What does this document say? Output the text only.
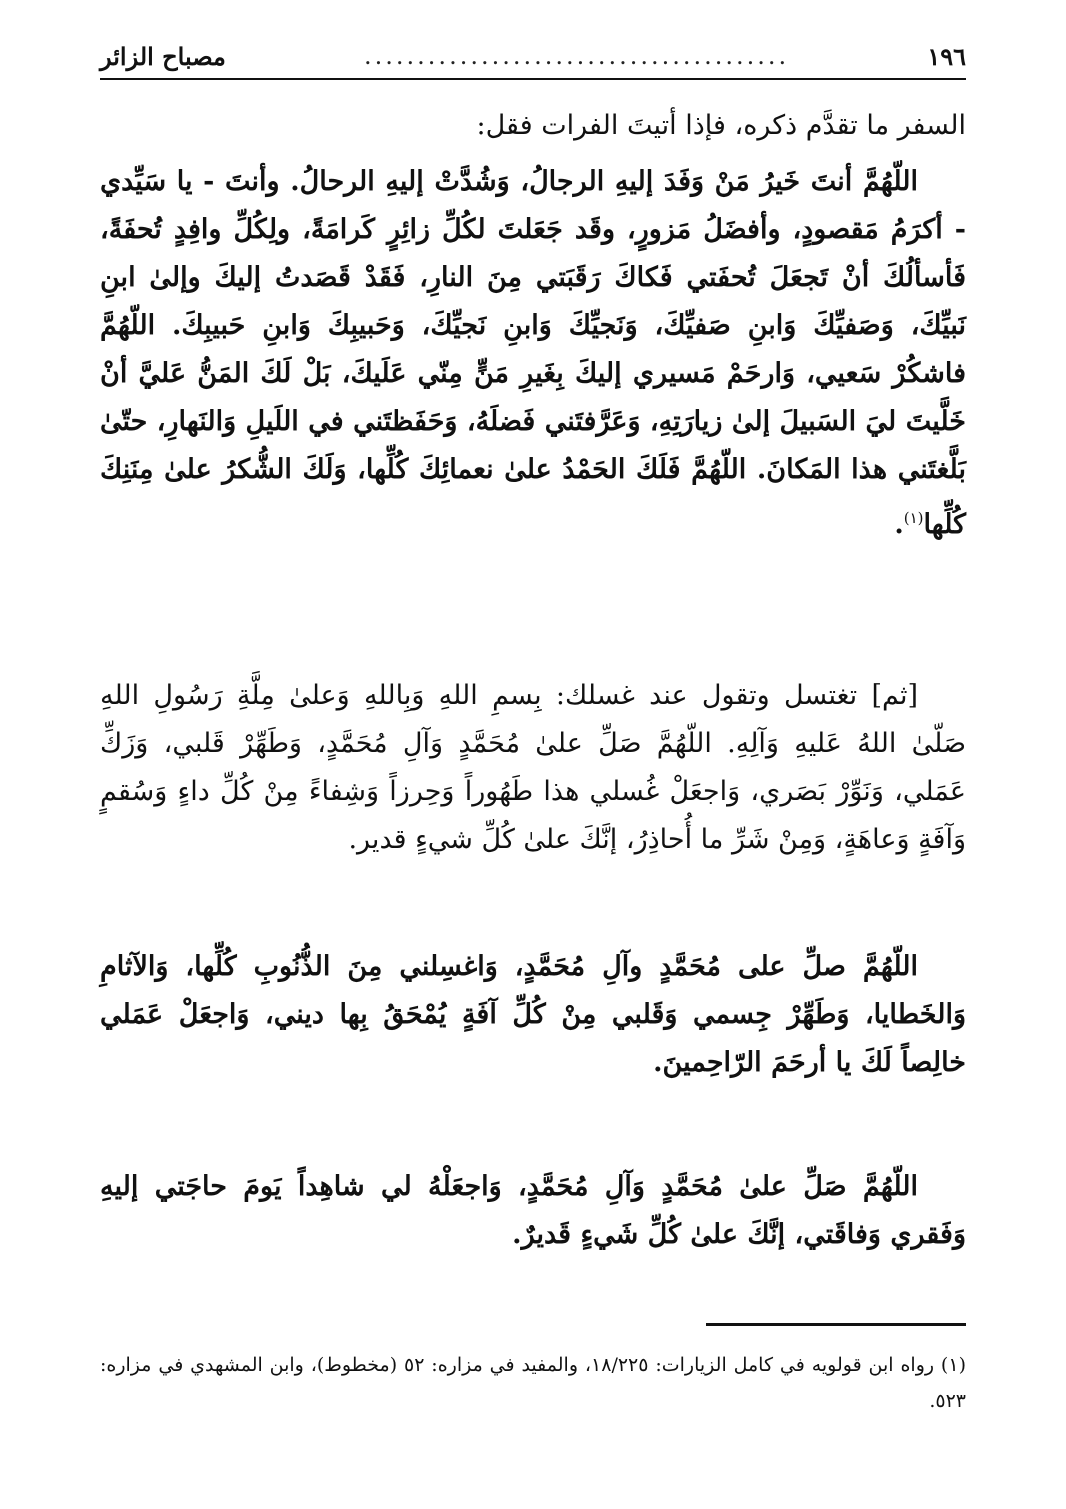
١٩٦
........................................
مصباح الزائر
السفر ما تقدَّم ذكره، فإذا أتيتَ الفرات فقل:
اللّهُمَّ أنتَ خَيرُ مَنْ وَفَدَ إليهِ الرجالُ، وَشُدَّتْ إليهِ الرحالُ. وأنتَ - يا سَيِّدي - أكرَمُ مَقصودٍ، وأفضَلُ مَزورٍ، وقَد جَعَلتَ لكُلِّ زائِرٍ كَرامَةً، ولِكُلِّ وافِدٍ تُحفَةً، فَأسألُكَ أنْ تَجعَلَ تُحفَتي فَكاكَ رَقَبَتي مِنَ النارِ، فَقَدْ قَصَدتُ إليكَ وإلىٰ ابنِ نَبيِّكَ، وَصَفيِّكَ وَابنِ صَفيِّكَ، وَنَجيِّكَ وَابنِ نَجيِّكَ، وَحَبيبِكَ وَابنِ حَبيبِكَ. اللّهُمَّ فاشكُرْ سَعيي، وَارحَمْ مَسيري إليكَ بِغَيرِ مَنٍّ مِنّي عَلَيكَ، بَلْ لَكَ المَنُّ عَليَّ أنْ خَلَّيتَ ليَ السَبيلَ إلىٰ زيارَتِهِ، وَعَرَّفتَني فَضلَهُ، وَحَفَظتَني في اللَيلِ وَالنَهارِ، حتّىٰ بَلَّغتَني هذا المَكانَ. اللّهُمَّ فَلَكَ الحَمْدُ علىٰ نعمائِكَ كُلِّها، وَلَكَ الشُّكرُ علىٰ مِنَنِكَ كُلِّها$^{(١)}$.
[ثم] تغتسل وتقول عند غسلك: بِسمِ اللهِ وَبِاللهِ وَعلىٰ مِلَّةِ رَسُولِ اللهِ صَلّىٰ اللهُ عَليهِ وَآلِهِ. اللّهُمَّ صَلِّ علىٰ مُحَمَّدٍ وَآلِ مُحَمَّدٍ، وَطَهِّرْ قَلبي، وَزَكِّ عَمَلي، وَنَوِّرْ بَصَري، وَاجعَلْ غُسلي هذا طَهُوراً وَحِرزاً وَشِفاءً مِنْ كُلِّ داءٍ وَسُقمٍ وَآفَةٍ وَعاهَةٍ، وَمِنْ شَرِّ ما أُحاذِرُ، إنَّكَ علىٰ كُلِّ شيءٍ قدير.
اللّهُمَّ صلِّ على مُحَمَّدٍ وآلِ مُحَمَّدٍ، وَاغسِلني مِنَ الذُّنُوبِ كُلِّها، وَالآثامِ وَالخَطايا، وَطَهِّرْ جِسمي وَقَلبي مِنْ كُلِّ آفَةٍ يُمْحَقُ بِها ديني، وَاجعَلْ عَمَلي خالِصاً لَكَ يا أرحَمَ الرّاحِمينَ.
اللّهُمَّ صَلِّ علىٰ مُحَمَّدٍ وَآلِ مُحَمَّدٍ، وَاجعَلْهُ لي شاهِداً يَومَ حاجَتي إليهِ وَفَقري وَفاقَتي، إنَّكَ علىٰ كُلِّ شَيءٍ قَديرٌ.
(١) رواه ابن قولويه في كامل الزيارات: ١٨/٢٢٥، والمفيد في مزاره: ٥٢ (مخطوط)، وابن المشهدي في مزاره: ٥٢٣.
